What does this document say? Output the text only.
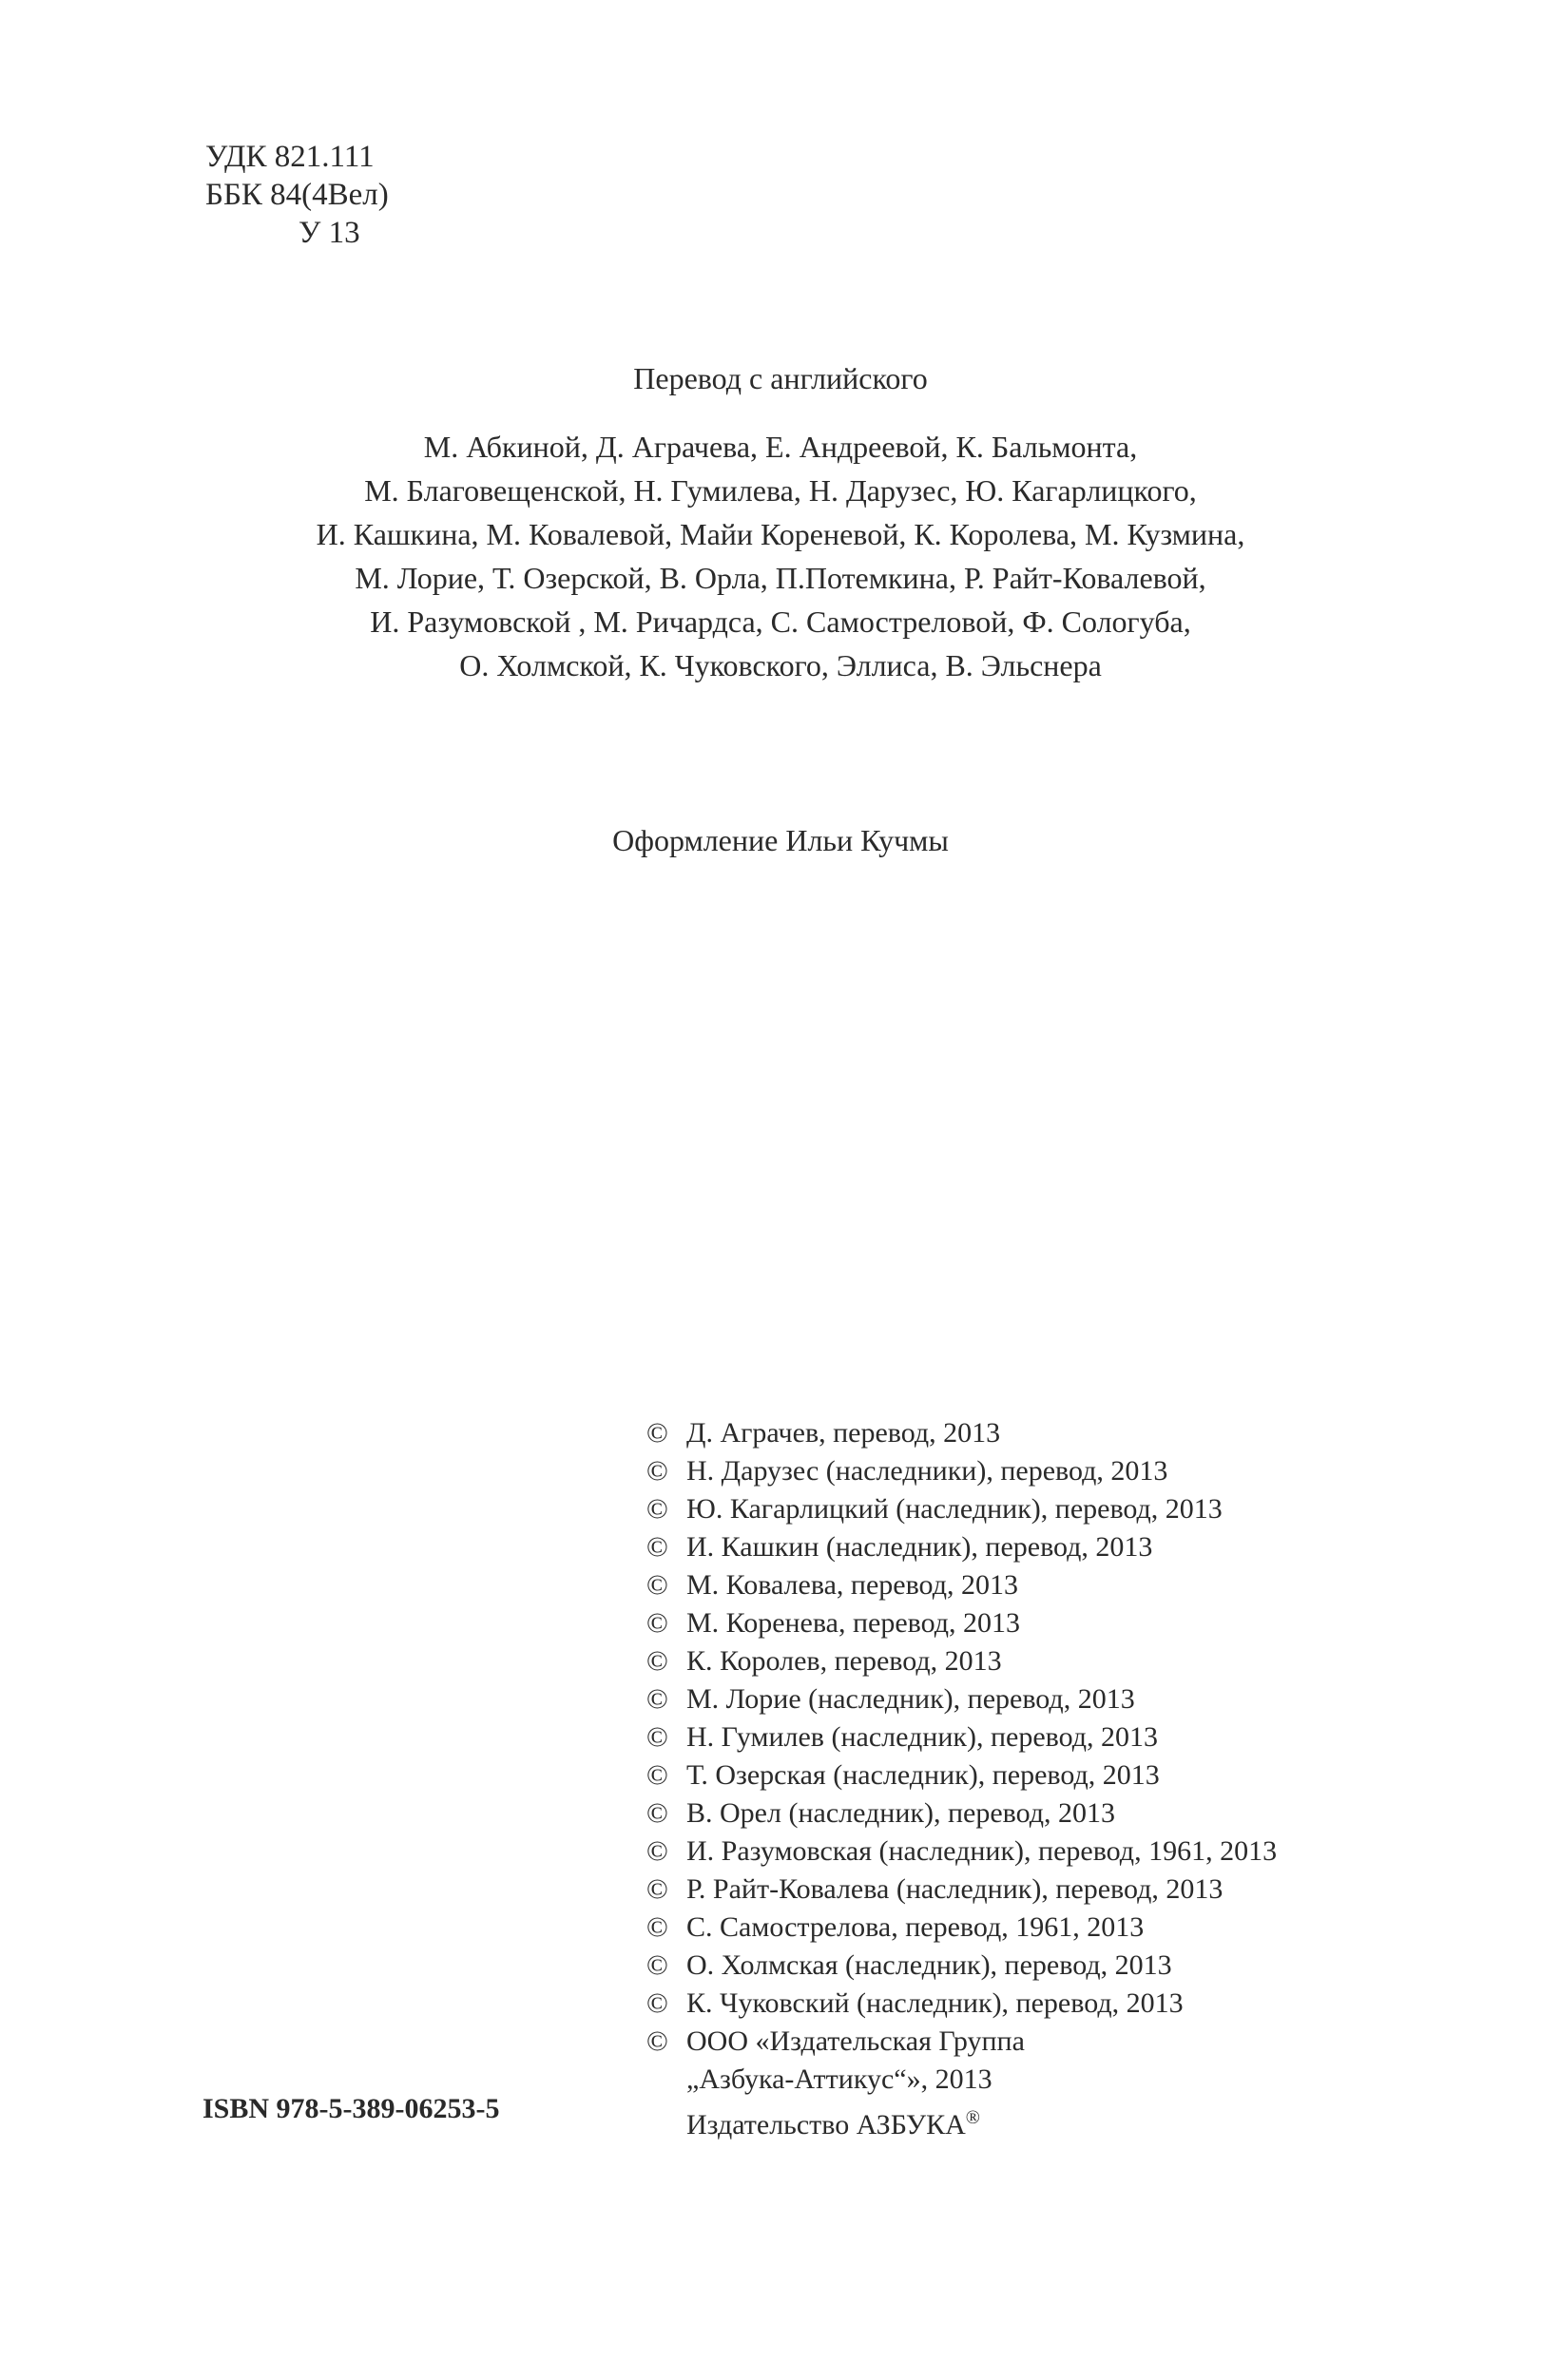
УДК 821.111
ББК 84(4Вел)
У 13
Перевод с английского
М. Абкиной, Д. Аграчева, Е. Андреевой, К. Бальмонта,
М. Благовещенской, Н. Гумилева, Н. Дарузес, Ю. Кагарлицкого,
И. Кашкина, М. Ковалевой, Майи Кореневой, К. Королева, М. Кузмина,
М. Лорие, Т. Озерской, В. Орла, П.Потемкина, Р. Райт-Ковалевой,
И. Разумовской , М. Ричардса, С. Самостреловой, Ф. Сологуба,
О. Холмской, К. Чуковского, Эллиса, В. Эльснера
Оформление Ильи Кучмы
© Д. Аграчев, перевод, 2013
© Н. Дарузес (наследники), перевод, 2013
© Ю. Кагарлицкий (наследник), перевод, 2013
© И. Кашкин (наследник), перевод, 2013
© М. Ковалева, перевод, 2013
© М. Коренева, перевод, 2013
© К. Королев, перевод, 2013
© М. Лорие (наследник), перевод, 2013
© Н. Гумилев (наследник), перевод, 2013
© Т. Озерская (наследник), перевод, 2013
© В. Орел (наследник), перевод, 2013
© И. Разумовская (наследник), перевод, 1961, 2013
© Р. Райт-Ковалева (наследник), перевод, 2013
© С. Самострелова, перевод, 1961, 2013
© О. Холмская (наследник), перевод, 2013
© К. Чуковский (наследник), перевод, 2013
© ООО «Издательская Группа
„Азбука-Аттикус“», 2013
Издательство АЗБУКА®
ISBN 978-5-389-06253-5
